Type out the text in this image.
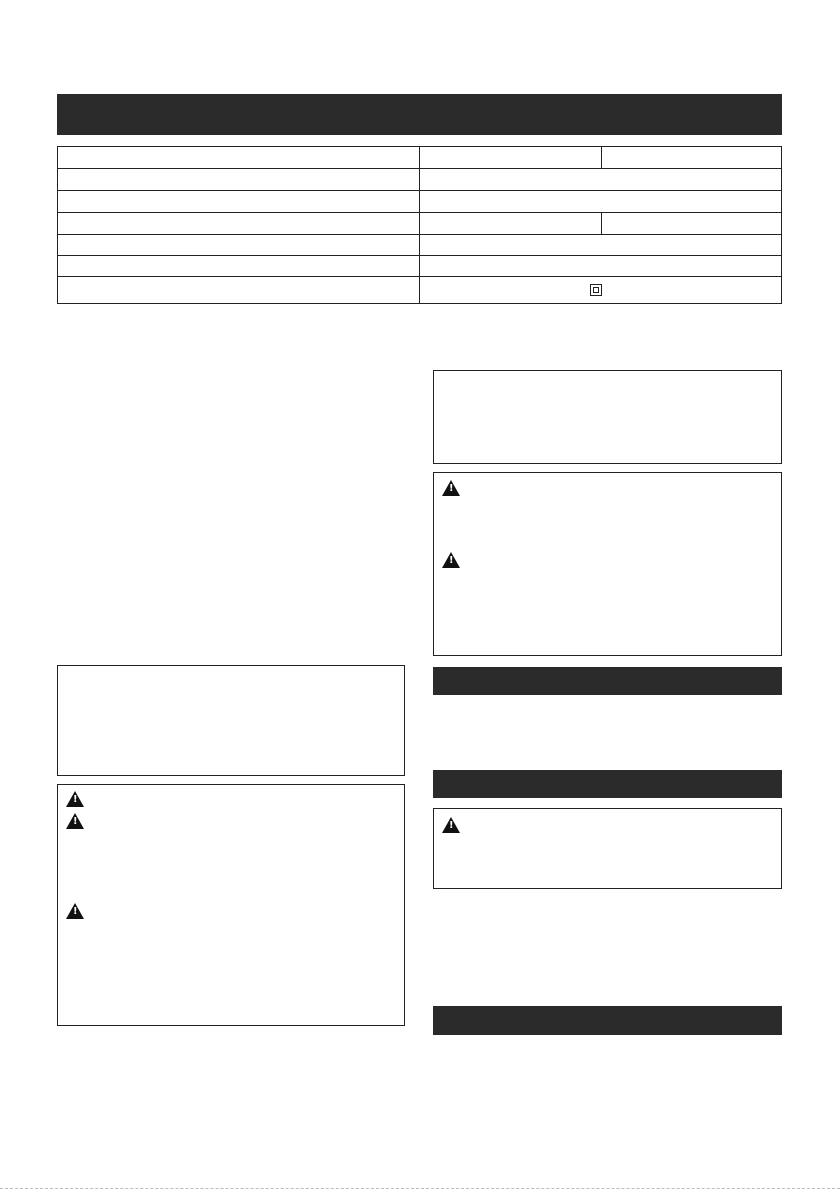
!
!
!
!
!
!
